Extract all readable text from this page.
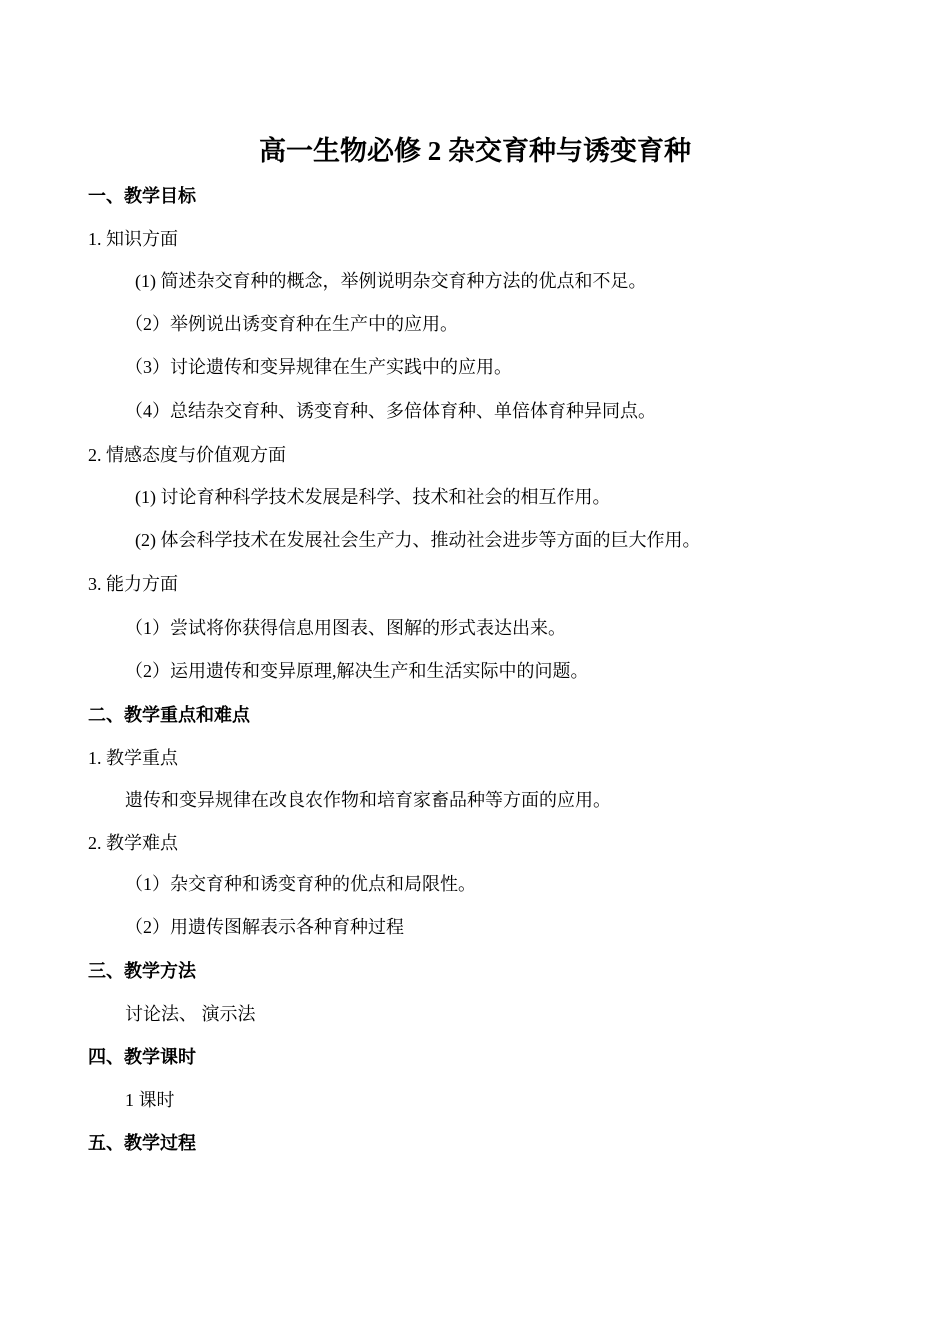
高一生物必修 2 杂交育种与诱变育种
一、教学目标
1. 知识方面
(1) 简述杂交育种的概念，举例说明杂交育种方法的优点和不足。
（2）举例说出诱变育种在生产中的应用。
（3）讨论遗传和变异规律在生产实践中的应用。
（4）总结杂交育种、诱变育种、多倍体育种、单倍体育种异同点。
2. 情感态度与价值观方面
(1) 讨论育种科学技术发展是科学、技术和社会的相互作用。
(2) 体会科学技术在发展社会生产力、推动社会进步等方面的巨大作用。
3. 能力方面
（1）尝试将你获得信息用图表、图解的形式表达出来。
（2）运用遗传和变异原理,解决生产和生活实际中的问题。
二、教学重点和难点
1. 教学重点
遗传和变异规律在改良农作物和培育家畜品种等方面的应用。
2. 教学难点
（1）杂交育种和诱变育种的优点和局限性。
（2）用遗传图解表示各种育种过程
三、教学方法
讨论法、 演示法
四、教学课时
1 课时
五、教学过程
